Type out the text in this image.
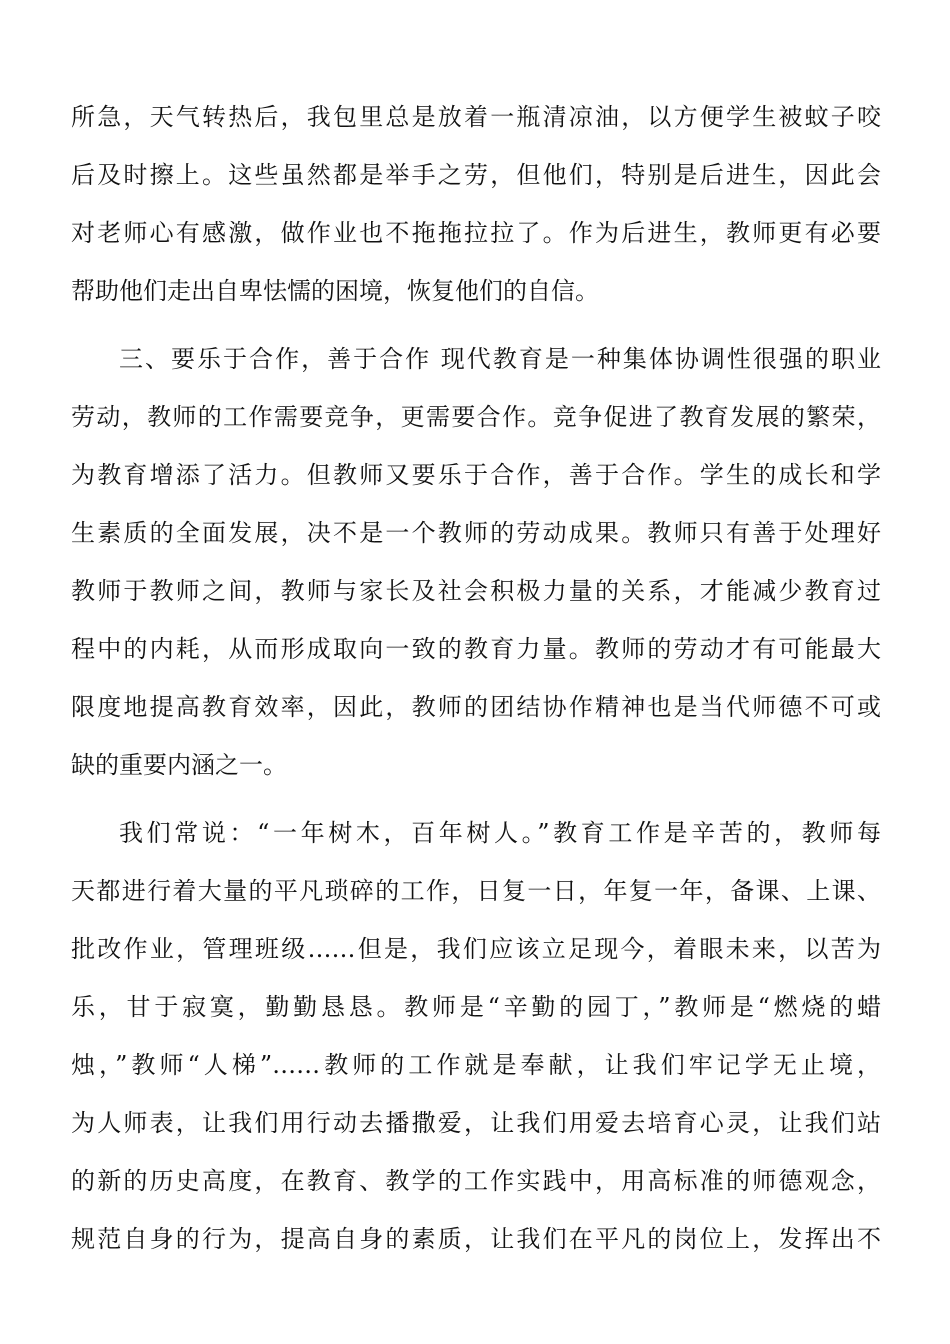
所急，天气转热后，我包里总是放着一瓶清凉油，以方便学生被蚊子咬
后及时擦上。这些虽然都是举手之劳，但他们，特别是后进生，因此会
对老师心有感激，做作业也不拖拖拉拉了。作为后进生，教师更有必要
帮助他们走出自卑怯懦的困境，恢复他们的自信。
三、要乐于合作，善于合作 现代教育是一种集体协调性很强的职业
劳动，教师的工作需要竞争，更需要合作。竞争促进了教育发展的繁荣，
为教育增添了活力。但教师又要乐于合作，善于合作。学生的成长和学
生素质的全面发展，决不是一个教师的劳动成果。教师只有善于处理好
教师于教师之间，教师与家长及社会积极力量的关系，才能减少教育过
程中的内耗，从而形成取向一致的教育力量。教师的劳动才有可能最大
限度地提高教育效率，因此，教师的团结协作精神也是当代师德不可或
缺的重要内涵之一。
我们常说：“一年树木，百年树人。”教育工作是辛苦的，教师每
天都进行着大量的平凡琐碎的工作，日复一日，年复一年，备课、上课、
批改作业，管理班级……但是，我们应该立足现今，着眼未来，以苦为
乐，甘于寂寞，勤勤恳恳。教师是“辛勤的园丁，”教师是“燃烧的蜡
烛，”教师“人梯”……教师的工作就是奉献，让我们牢记学无止境，
为人师表，让我们用行动去播撒爱，让我们用爱去培育心灵，让我们站
的新的历史高度，在教育、教学的工作实践中，用高标准的师德观念，
规范自身的行为，提高自身的素质，让我们在平凡的岗位上，发挥出不
